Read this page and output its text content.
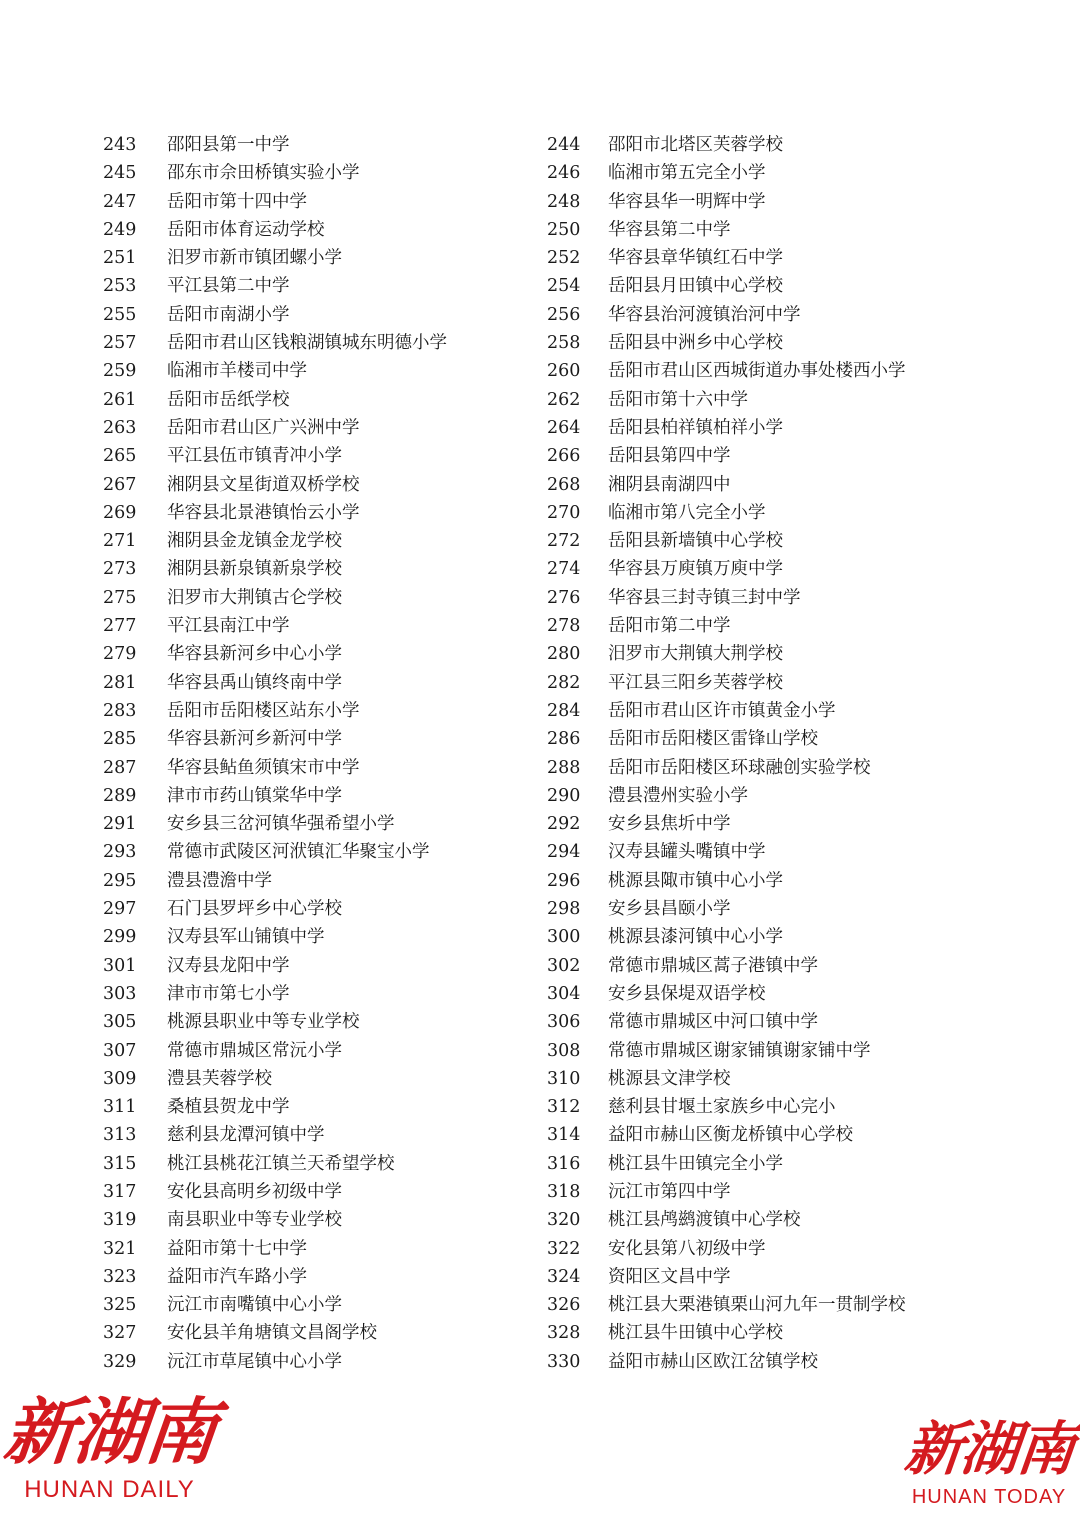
243 邵阳县第一中学	244 邵阳市北塔区芙蓉学校
245 邵东市佘田桥镇实验小学	246 临湘市第五完全小学
247 岳阳市第十四中学	248 华容县华一明辉中学
249 岳阳市体育运动学校	250 华容县第二中学
251 汨罗市新市镇团螺小学	252 华容县章华镇红石中学
253 平江县第二中学	254 岳阳县月田镇中心学校
255 岳阳市南湖小学	256 华容县治河渡镇治河中学
257 岳阳市君山区钱粮湖镇城东明德小学	258 岳阳县中洲乡中心学校
259 临湘市羊楼司中学	260 岳阳市君山区西城街道办事处楼西小学
261 岳阳市岳纸学校	262 岳阳市第十六中学
263 岳阳市君山区广兴洲中学	264 岳阳县柏祥镇柏祥小学
265 平江县伍市镇青冲小学	266 岳阳县第四中学
267 湘阴县文星街道双桥学校	268 湘阴县南湖四中
269 华容县北景港镇怡云小学	270 临湘市第八完全小学
271 湘阴县金龙镇金龙学校	272 岳阳县新墙镇中心学校
273 湘阴县新泉镇新泉学校	274 华容县万庾镇万庾中学
275 汨罗市大荆镇古仑学校	276 华容县三封寺镇三封中学
277 平江县南江中学	278 岳阳市第二中学
279 华容县新河乡中心小学	280 汨罗市大荆镇大荆学校
281 华容县禹山镇终南中学	282 平江县三阳乡芙蓉学校
283 岳阳市岳阳楼区站东小学	284 岳阳市君山区许市镇黄金小学
285 华容县新河乡新河中学	286 岳阳市岳阳楼区雷锋山学校
287 华容县鲇鱼须镇宋市中学	288 岳阳市岳阳楼区环球融创实验学校
289 津市市药山镇棠华中学	290 澧县澧州实验小学
291 安乡县三岔河镇华强希望小学	292 安乡县焦圻中学
293 常德市武陵区河洑镇汇华聚宝小学	294 汉寿县罐头嘴镇中学
295 澧县澧澹中学	296 桃源县陬市镇中心小学
297 石门县罗坪乡中心学校	298 安乡县昌颐小学
299 汉寿县军山铺镇中学	300 桃源县漆河镇中心小学
301 汉寿县龙阳中学	302 常德市鼎城区蒿子港镇中学
303 津市市第七小学	304 安乡县保堤双语学校
305 桃源县职业中等专业学校	306 常德市鼎城区中河口镇中学
307 常德市鼎城区常沅小学	308 常德市鼎城区谢家铺镇谢家铺中学
309 澧县芙蓉学校	310 桃源县文津学校
311 桑植县贺龙中学	312 慈利县甘堰土家族乡中心完小
313 慈利县龙潭河镇中学	314 益阳市赫山区衡龙桥镇中心学校
315 桃江县桃花江镇兰天希望学校	316 桃江县牛田镇完全小学
317 安化县高明乡初级中学	318 沅江市第四中学
319 南县职业中等专业学校	320 桃江县鸬鹚渡镇中心学校
321 益阳市第十七中学	322 安化县第八初级中学
323 益阳市汽车路小学	324 资阳区文昌中学
325 沅江市南嘴镇中心小学	326 桃江县大栗港镇栗山河九年一贯制学校
327 安化县羊角塘镇文昌阁学校	328 桃江县牛田镇中心学校
329 沅江市草尾镇中心小学	330 益阳市赫山区欧江岔镇学校
新湖南
HUNAN DAILY
新湖南
HUNAN TODAY
